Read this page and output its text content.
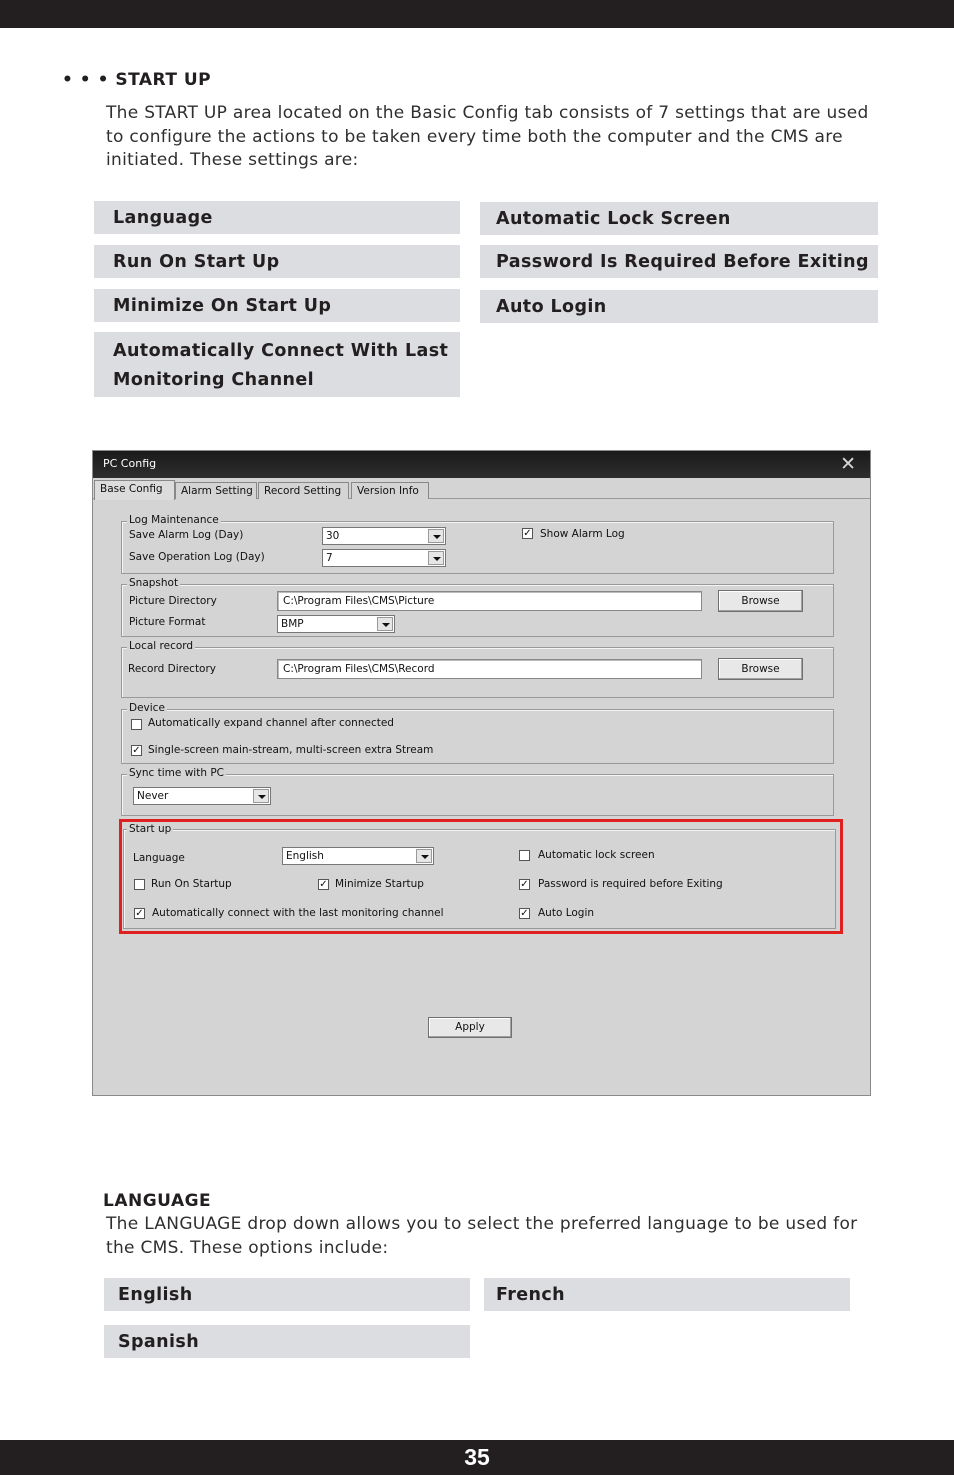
• • • START UP
The START UP area located on the Basic Config tab consists of 7 settings that are used to configure the actions to be taken every time both the computer and the CMS are initiated. These settings are:
Language	Automatic Lock Screen
Run On Start Up	Password Is Required Before Exiting
Minimize On Start Up	Auto Login
Automatically Connect With Last Monitoring Channel
PC Config	✕
Base Config	Alarm Setting	Record Setting	Version Info
Log Maintenance
Save Alarm Log (Day)	30
Save Operation Log (Day)	7
✓ Show Alarm Log
Snapshot
Picture Directory	C:\Program Files\CMS\Picture	Browse
Picture Format	BMP
Local record
Record Directory	C:\Program Files\CMS\Record	Browse
Device
Automatically expand channel after connected
✓ Single-screen main-stream, multi-screen extra Stream
Sync time with PC
Never
Start up
Language	English	Automatic lock screen
Run On Startup	✓ Minimize Startup	✓ Password is required before Exiting
✓ Automatically connect with the last monitoring channel	✓ Auto Login
Apply
LANGUAGE
The LANGUAGE drop down allows you to select the preferred language to be used for the CMS. These options include:
English	French
Spanish
35
